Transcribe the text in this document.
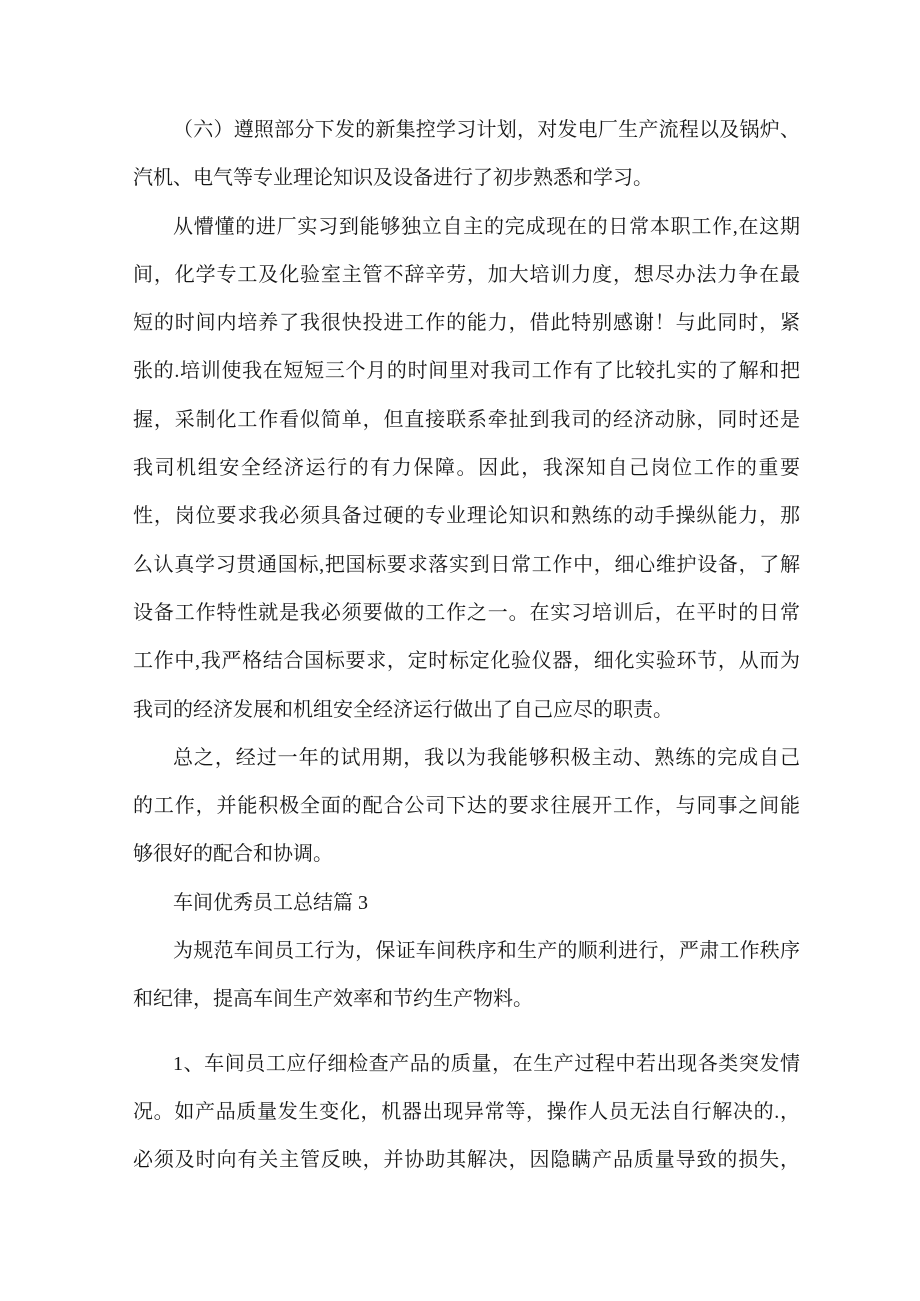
（六）遵照部分下发的新集控学习计划，对发电厂生产流程以及锅炉、
汽机、电气等专业理论知识及设备进行了初步熟悉和学习。
从懵懂的进厂实习到能够独立自主的完成现在的日常本职工作,在这期
间，化学专工及化验室主管不辞辛劳，加大培训力度，想尽办法力争在最
短的时间内培养了我很快投进工作的能力，借此特别感谢！与此同时，紧
张的.培训使我在短短三个月的时间里对我司工作有了比较扎实的了解和把
握，采制化工作看似简单，但直接联系牵扯到我司的经济动脉，同时还是
我司机组安全经济运行的有力保障。因此，我深知自己岗位工作的重要
性，岗位要求我必须具备过硬的专业理论知识和熟练的动手操纵能力，那
么认真学习贯通国标,把国标要求落实到日常工作中，细心维护设备，了解
设备工作特性就是我必须要做的工作之一。在实习培训后，在平时的日常
工作中,我严格结合国标要求，定时标定化验仪器，细化实验环节，从而为
我司的经济发展和机组安全经济运行做出了自己应尽的职责。
总之，经过一年的试用期，我以为我能够积极主动、熟练的完成自己
的工作，并能积极全面的配合公司下达的要求往展开工作，与同事之间能
够很好的配合和协调。
车间优秀员工总结篇 3
为规范车间员工行为，保证车间秩序和生产的顺利进行，严肃工作秩序
和纪律，提高车间生产效率和节约生产物料。
1、车间员工应仔细检查产品的质量，在生产过程中若出现各类突发情
况。如产品质量发生变化，机器出现异常等，操作人员无法自行解决的.，
必须及时向有关主管反映，并协助其解决，因隐瞒产品质量导致的损失，
